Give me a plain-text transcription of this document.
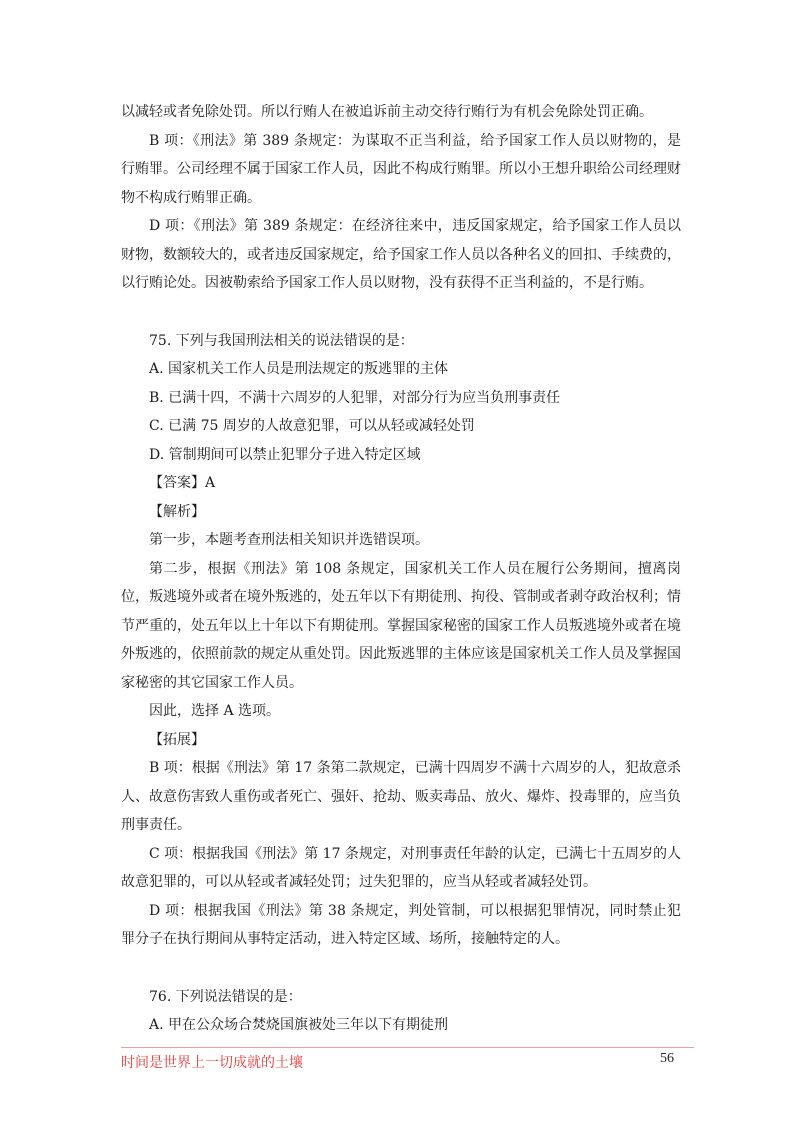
以减轻或者免除处罚。所以行贿人在被追诉前主动交待行贿行为有机会免除处罚正确。

B 项：《刑法》第 389 条规定：为谋取不正当利益，给予国家工作人员以财物的，是行贿罪。公司经理不属于国家工作人员，因此不构成行贿罪。所以小王想升职给公司经理财物不构成行贿罪正确。

D 项：《刑法》第 389 条规定：在经济往来中，违反国家规定，给予国家工作人员以财物，数额较大的，或者违反国家规定，给予国家工作人员以各种名义的回扣、手续费的，以行贿论处。因被勒索给予国家工作人员以财物，没有获得不正当利益的，不是行贿。

75. 下列与我国刑法相关的说法错误的是：

A. 国家机关工作人员是刑法规定的叛逃罪的主体

B. 已满十四，不满十六周岁的人犯罪，对部分行为应当负刑事责任

C. 已满 75 周岁的人故意犯罪，可以从轻或减轻处罚

D. 管制期间可以禁止犯罪分子进入特定区域

【答案】A

【解析】

第一步，本题考查刑法相关知识并选错误项。

第二步，根据《刑法》第 108 条规定，国家机关工作人员在履行公务期间，擅离岗位，叛逃境外或者在境外叛逃的，处五年以下有期徒刑、拘役、管制或者剥夺政治权利；情节严重的，处五年以上十年以下有期徒刑。掌握国家秘密的国家工作人员叛逃境外或者在境外叛逃的，依照前款的规定从重处罚。因此叛逃罪的主体应该是国家机关工作人员及掌握国家秘密的其它国家工作人员。

因此，选择 A 选项。

【拓展】

B 项：根据《刑法》第 17 条第二款规定，已满十四周岁不满十六周岁的人，犯故意杀人、故意伤害致人重伤或者死亡、强奸、抢劫、贩卖毒品、放火、爆炸、投毒罪的，应当负刑事责任。

C 项：根据我国《刑法》第 17 条规定，对刑事责任年龄的认定，已满七十五周岁的人故意犯罪的，可以从轻或者减轻处罚；过失犯罪的，应当从轻或者减轻处罚。

D 项：根据我国《刑法》第 38 条规定，判处管制，可以根据犯罪情况，同时禁止犯罪分子在执行期间从事特定活动，进入特定区域、场所，接触特定的人。

76. 下列说法错误的是：

A. 甲在公众场合焚烧国旗被处三年以下有期徒刑

时间是世界上一切成就的土壤	56
